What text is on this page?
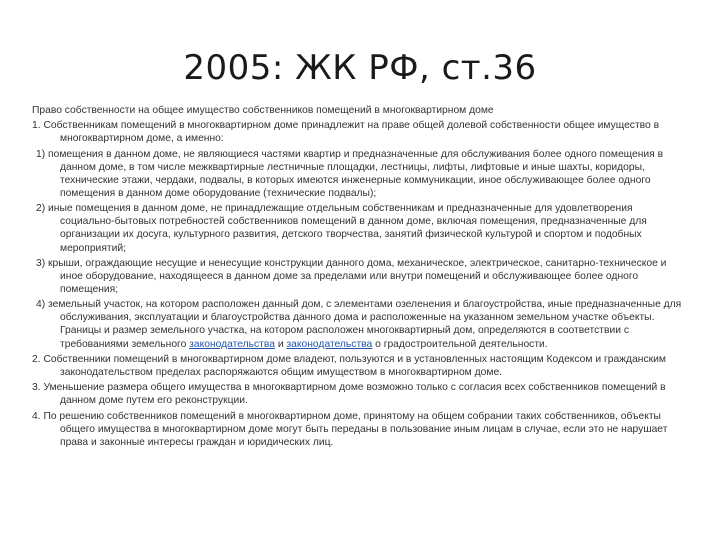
2005: ЖК РФ, ст.36

Право собственности на общее имущество собственников помещений в многоквартирном доме

1. Собственникам помещений в многоквартирном доме принадлежит на праве общей долевой собственности общее имущество в многоквартирном доме, а именно:

1) помещения в данном доме, не являющиеся частями квартир и предназначенные для обслуживания более одного помещения в данном доме, в том числе межквартирные лестничные площадки, лестницы, лифты, лифтовые и иные шахты, коридоры, технические этажи, чердаки, подвалы, в которых имеются инженерные коммуникации, иное обслуживающее более одного помещения в данном доме оборудование (технические подвалы);

2) иные помещения в данном доме, не принадлежащие отдельным собственникам и предназначенные для удовлетворения социально-бытовых потребностей собственников помещений в данном доме, включая помещения, предназначенные для организации их досуга, культурного развития, детского творчества, занятий физической культурой и спортом и подобных мероприятий;

3) крыши, ограждающие несущие и ненесущие конструкции данного дома, механическое, электрическое, санитарно-техническое и иное оборудование, находящееся в данном доме за пределами или внутри помещений и обслуживающее более одного помещения;

4) земельный участок, на котором расположен данный дом, с элементами озеленения и благоустройства, иные предназначенные для обслуживания, эксплуатации и благоустройства данного дома и расположенные на указанном земельном участке объекты. Границы и размер земельного участка, на котором расположен многоквартирный дом, определяются в соответствии с требованиями земельного законодательства и законодательства о градостроительной деятельности.

2. Собственники помещений в многоквартирном доме владеют, пользуются и в установленных настоящим Кодексом и гражданским законодательством пределах распоряжаются общим имуществом в многоквартирном доме.

3. Уменьшение размера общего имущества в многоквартирном доме возможно только с согласия всех собственников помещений в данном доме путем его реконструкции.

4. По решению собственников помещений в многоквартирном доме, принятому на общем собрании таких собственников, объекты общего имущества в многоквартирном доме могут быть переданы в пользование иным лицам в случае, если это не нарушает права и законные интересы граждан и юридических лиц.
